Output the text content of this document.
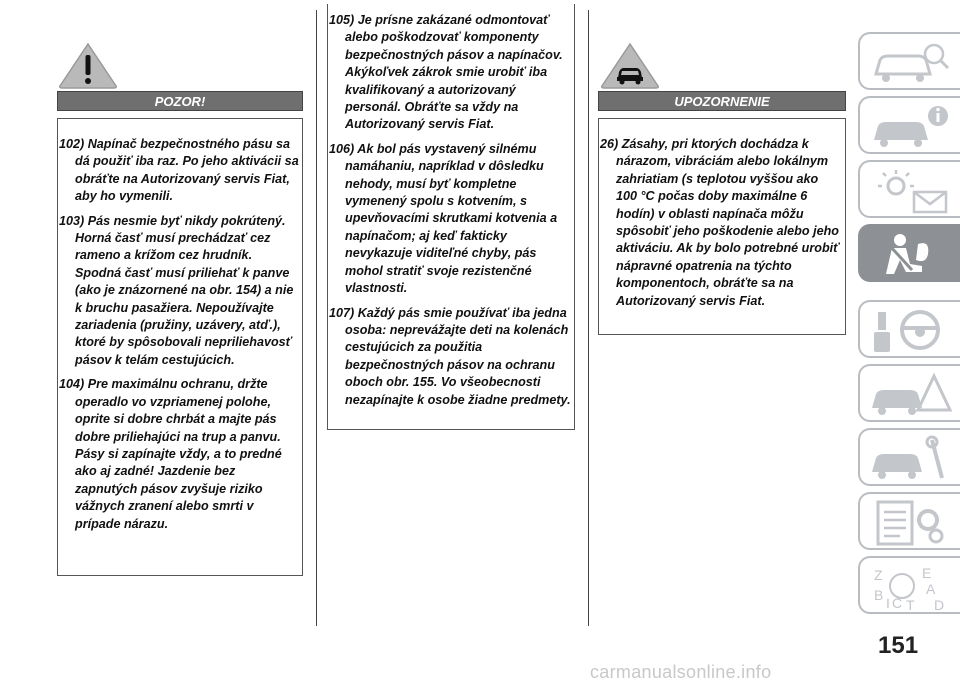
POZOR!
102) Napínač bezpečnostného pásu sa dá použiť iba raz. Po jeho aktivácii sa obráťte na Autorizovaný servis Fiat, aby ho vymenili.
103) Pás nesmie byť nikdy pokrútený. Horná časť musí prechádzať cez rameno a krížom cez hrudník. Spodná časť musí priliehať k panve (ako je znázornené na obr. 154) a nie k bruchu pasažiera. Nepoužívajte zariadenia (pružiny, uzávery, atď.), ktoré by spôsobovali nepriliehavosť pásov k telám cestujúcich.
104) Pre maximálnu ochranu, držte operadlo vo vzpriamenej polohe, oprite si dobre chrbát a majte pás dobre priliehajúci na trup a panvu. Pásy si zapínajte vždy, a to predné ako aj zadné! Jazdenie bez zapnutých pásov zvyšuje riziko vážnych zranení alebo smrti v prípade nárazu.
105) Je prísne zakázané odmontovať alebo poškodzovať komponenty bezpečnostných pásov a napínačov. Akýkoľvek zákrok smie urobiť iba kvalifikovaný a autorizovaný personál. Obráťte sa vždy na Autorizovaný servis Fiat.
106) Ak bol pás vystavený silnému namáhaniu, napríklad v dôsledku nehody, musí byť kompletne vymenený spolu s kotvením, s upevňovacími skrutkami kotvenia a napínačom; aj keď fakticky nevykazuje viditeľné chyby, pás mohol stratiť svoje rezistenčné vlastnosti.
107) Každý pás smie používať iba jedna osoba: nepreváž​ajte deti na kolenách cestujúcich za použitia bezpečnostných pásov na ochranu oboch obr. 155. Vo všeobecnosti nezapínajte k osobe žiadne predmety.
UPOZORNENIE
26) Zásahy, pri ktorých dochádza k nárazom, vibráciám alebo lokálnym zahriatiam (s teplotou vyššou ako 100 °C počas doby maximálne 6 hodín) v oblasti napínača môžu spôsobiť jeho poškodenie alebo jeho aktiváciu. Ak by bolo potrebné urobiť nápravné opatrenia na týchto komponentoch, obráťte sa na Autorizovaný servis Fiat.
Z	E
A
B C D
T
I
151
carmanualsonline.info
